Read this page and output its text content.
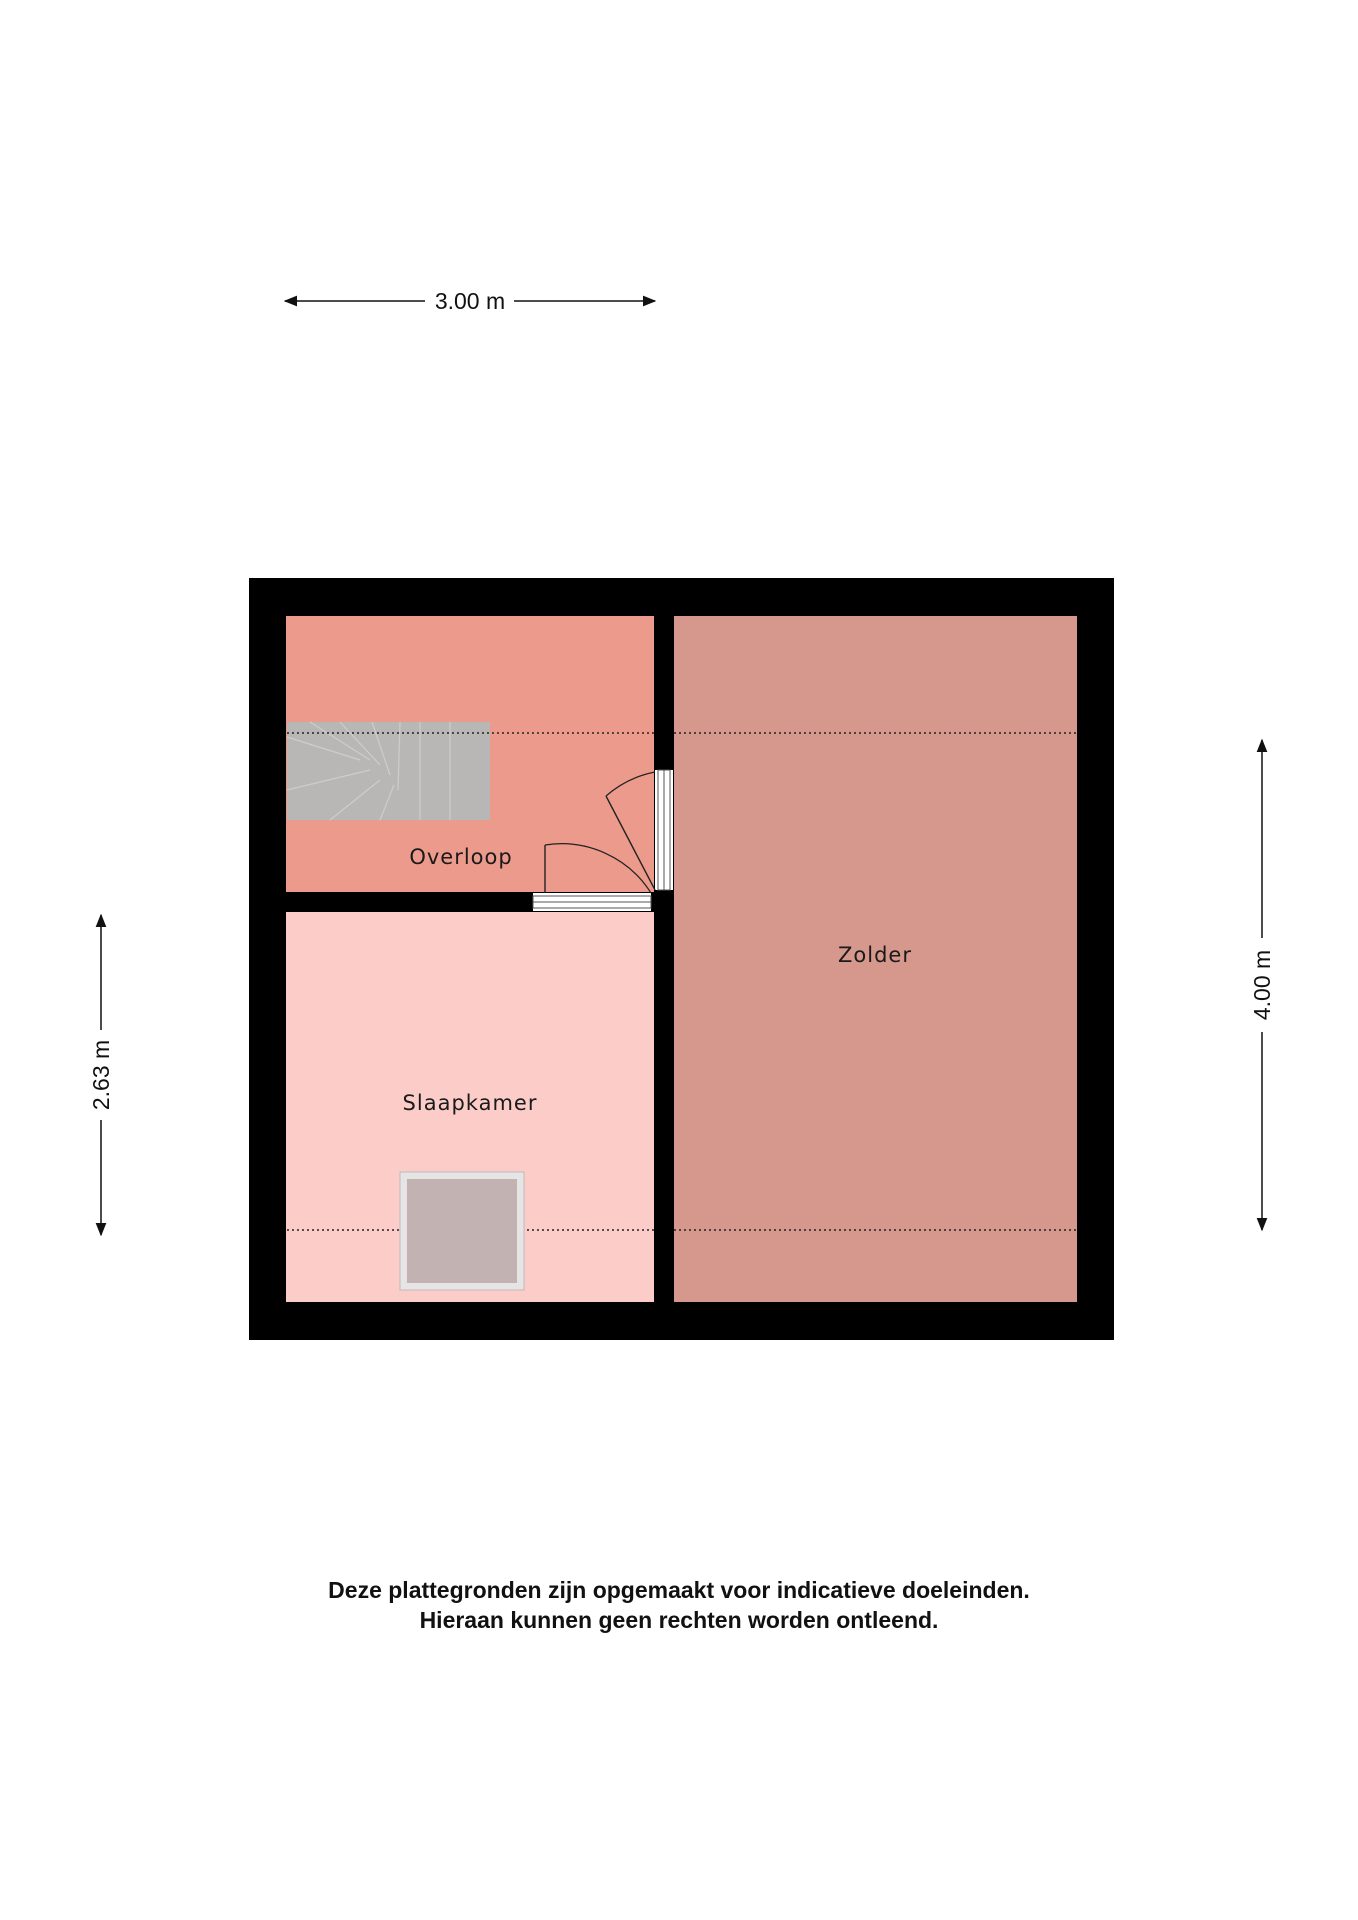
3.00 m
2.63 m
4.00 m
Overloop
Zolder
Slaapkamer
Deze plattegronden zijn opgemaakt voor indicatieve doeleinden.
Hieraan kunnen geen rechten worden ontleend.
